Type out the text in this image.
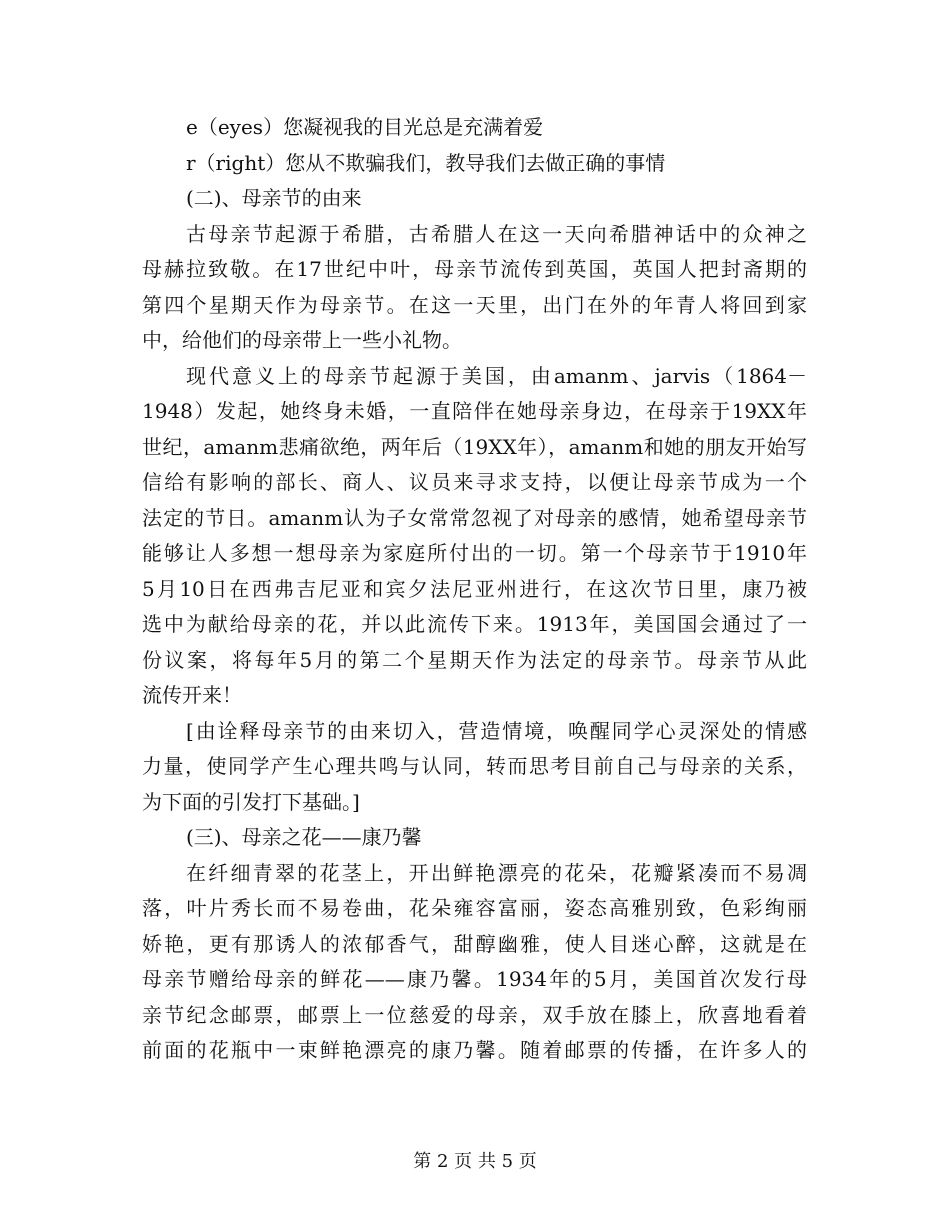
e（eyes）您凝视我的目光总是充满着爱
r（right）您从不欺骗我们，教导我们去做正确的事情
(二)、母亲节的由来
古母亲节起源于希腊，古希腊人在这一天向希腊神话中的众神之
母赫拉致敬。在17世纪中叶，母亲节流传到英国，英国人把封斋期的
第四个星期天作为母亲节。在这一天里，出门在外的年青人将回到家
中，给他们的母亲带上一些小礼物。
现代意义上的母亲节起源于美国，由amanm、jarvis（1864－
1948）发起，她终身未婚，一直陪伴在她母亲身边，在母亲于19XX年
世纪，amanm悲痛欲绝，两年后（19XX年），amanm和她的朋友开始写
信给有影响的部长、商人、议员来寻求支持，以便让母亲节成为一个
法定的节日。amanm认为子女常常忽视了对母亲的感情，她希望母亲节
能够让人多想一想母亲为家庭所付出的一切。第一个母亲节于1910年
5月10日在西弗吉尼亚和宾夕法尼亚州进行，在这次节日里，康乃被
选中为献给母亲的花，并以此流传下来。1913年，美国国会通过了一
份议案，将每年5月的第二个星期天作为法定的母亲节。母亲节从此
流传开来！
[由诠释母亲节的由来切入，营造情境，唤醒同学心灵深处的情感
力量，使同学产生心理共鸣与认同，转而思考目前自己与母亲的关系，
为下面的引发打下基础。]
(三)、母亲之花——康乃馨
在纤细青翠的花茎上，开出鲜艳漂亮的花朵，花瓣紧凑而不易凋
落，叶片秀长而不易卷曲，花朵雍容富丽，姿态高雅别致，色彩绚丽
娇艳，更有那诱人的浓郁香气，甜醇幽雅，使人目迷心醉，这就是在
母亲节赠给母亲的鲜花——康乃馨。1934年的5月，美国首次发行母
亲节纪念邮票，邮票上一位慈爱的母亲，双手放在膝上，欣喜地看着
前面的花瓶中一束鲜艳漂亮的康乃馨。随着邮票的传播，在许多人的
第 2 页 共 5 页
